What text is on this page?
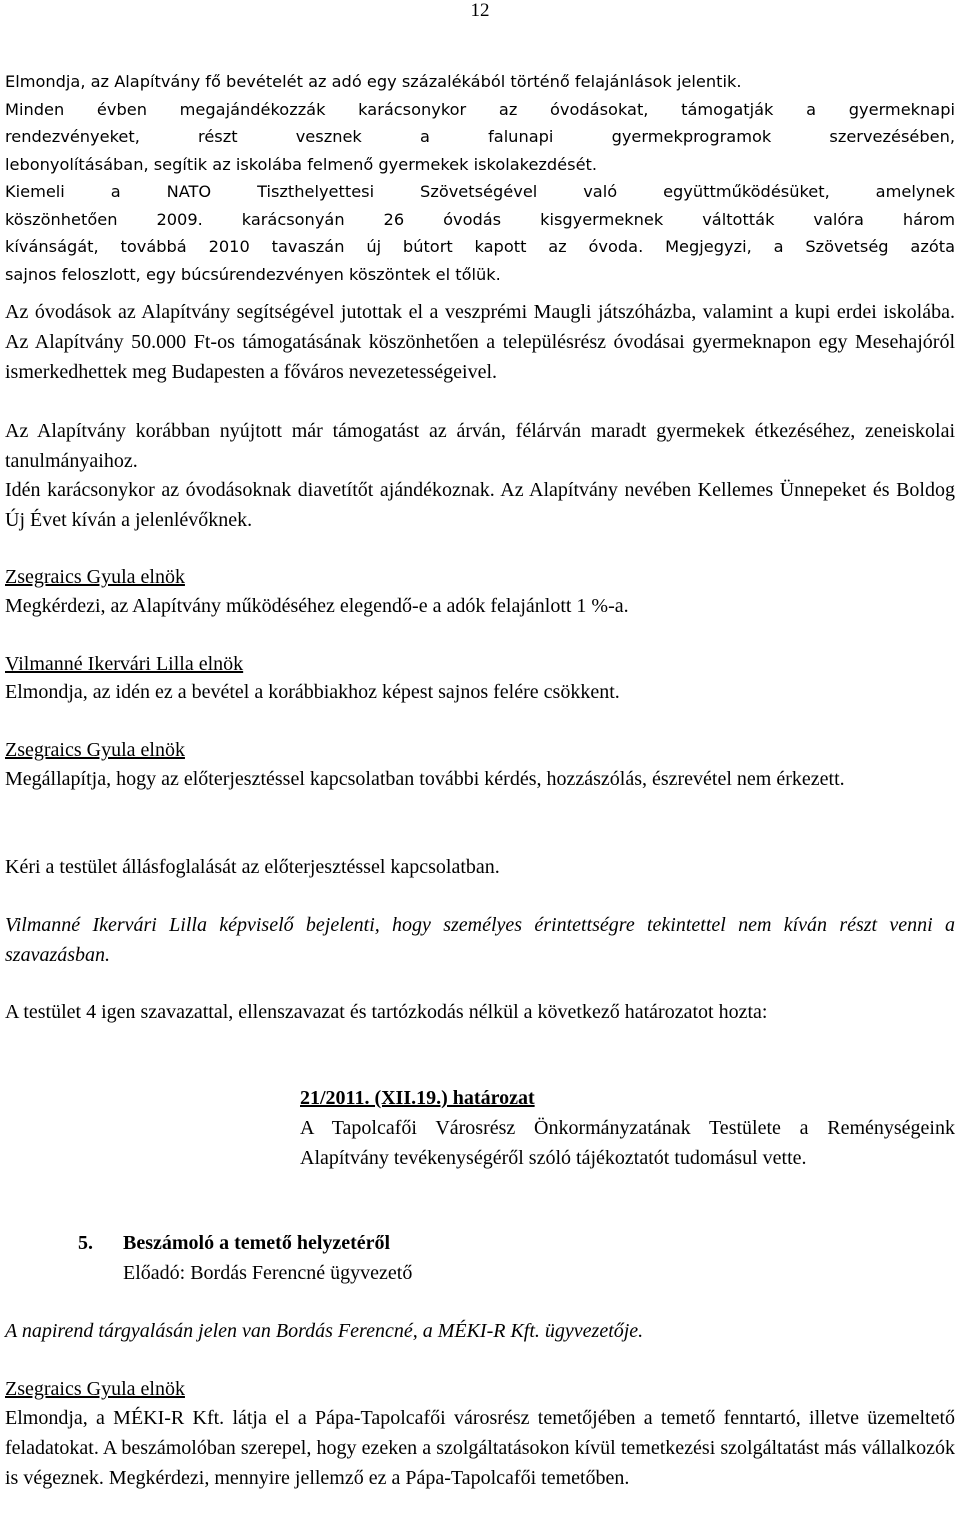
12
Elmondja, az Alapítvány fő bevételét az adó egy százalékából történő felajánlások jelentik.
Minden évben megajándékozzák karácsonykor az óvodásokat, támogatják a gyermeknapi
rendezvényeket, részt vesznek a falunapi gyermekprogramok szervezésében,
lebonyolításában, segítik az iskolába felmenő gyermekek iskolakezdését.
Kiemeli a NATO Tiszthelyettesi Szövetségével való együttműködésüket, amelynek
köszönhetően 2009. karácsonyán 26 óvodás kisgyermeknek váltották valóra három
kívánságát, továbbá 2010 tavaszán új bútort kapott az óvoda. Megjegyzi, a Szövetség azóta
sajnos feloszlott, egy búcsúrendezvényen köszöntek el tőlük.

Az óvodások az Alapítvány segítségével jutottak el a veszprémi Maugli játszóházba, valamint a kupi erdei iskolába. Az Alapítvány 50.000 Ft-os támogatásának köszönhetően a településrész óvodásai gyermeknapon egy Mesehajóról ismerkedhettek meg Budapesten a főváros nevezetességeivel.

Az Alapítvány korábban nyújtott már támogatást az árván, félárván maradt gyermekek étkezéséhez, zeneiskolai tanulmányaihoz.

Idén karácsonykor az óvodásoknak diavetítőt ajándékoznak. Az Alapítvány nevében Kellemes Ünnepeket és Boldog Új Évet kíván a jelenlévőknek.

Zsegraics Gyula elnök

Megkérdezi, az Alapítvány működéséhez elegendő-e a adók felajánlott 1 %-a.

Vilmanné Ikervári Lilla elnök

Elmondja, az idén ez a bevétel a korábbiakhoz képest sajnos felére csökkent.

Zsegraics Gyula elnök

Megállapítja, hogy az előterjesztéssel kapcsolatban további kérdés, hozzászólás, észrevétel nem érkezett.

Kéri a testület állásfoglalását az előterjesztéssel kapcsolatban.

Vilmanné Ikervári Lilla képviselő bejelenti, hogy személyes érintettségre tekintettel nem kíván részt venni a szavazásban.

A testület 4 igen szavazattal, ellenszavazat és tartózkodás nélkül a következő határozatot hozta:

21/2011. (XII.19.) határozat
A Tapolcafői Városrész Önkormányzatának Testülete a Reménységeink Alapítvány tevékenységéről szóló tájékoztatót tudomásul vette.
5. Beszámoló a temető helyzetéről
Előadó: Bordás Ferencné ügyvezető

A napirend tárgyalásán jelen van Bordás Ferencné, a MÉKI-R Kft. ügyvezetője.

Zsegraics Gyula elnök

Elmondja, a MÉKI-R Kft. látja el a Pápa-Tapolcafői városrész temetőjében a temető fenntartó, illetve üzemeltető feladatokat. A beszámolóban szerepel, hogy ezeken a szolgáltatásokon kívül temetkezési szolgáltatást más vállalkozók is végeznek. Megkérdezi, mennyire jellemző ez a Pápa-Tapolcafői temetőben.
